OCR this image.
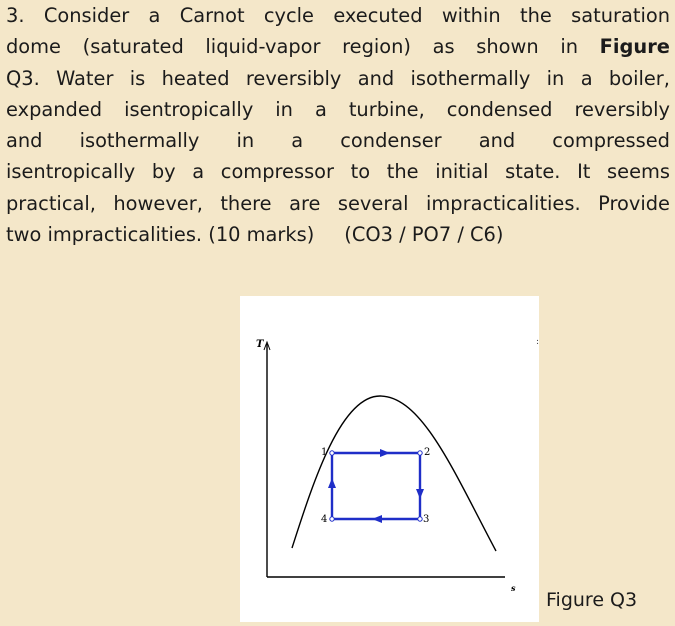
3. Consider a Carnot cycle executed within the saturation
dome (saturated liquid-vapor region) as shown in Figure
Q3. Water is heated reversibly and isothermally in a boiler,
expanded isentropically in a turbine, condensed reversibly
and isothermally in a condenser and compressed
isentropically by a compressor to the initial state. It seems
practical, however, there are several impracticalities. Provide
two impracticalities. (10 marks) (CO3 / PO7 / C6)
T
s
:
1	2
3
4
Figure Q3
